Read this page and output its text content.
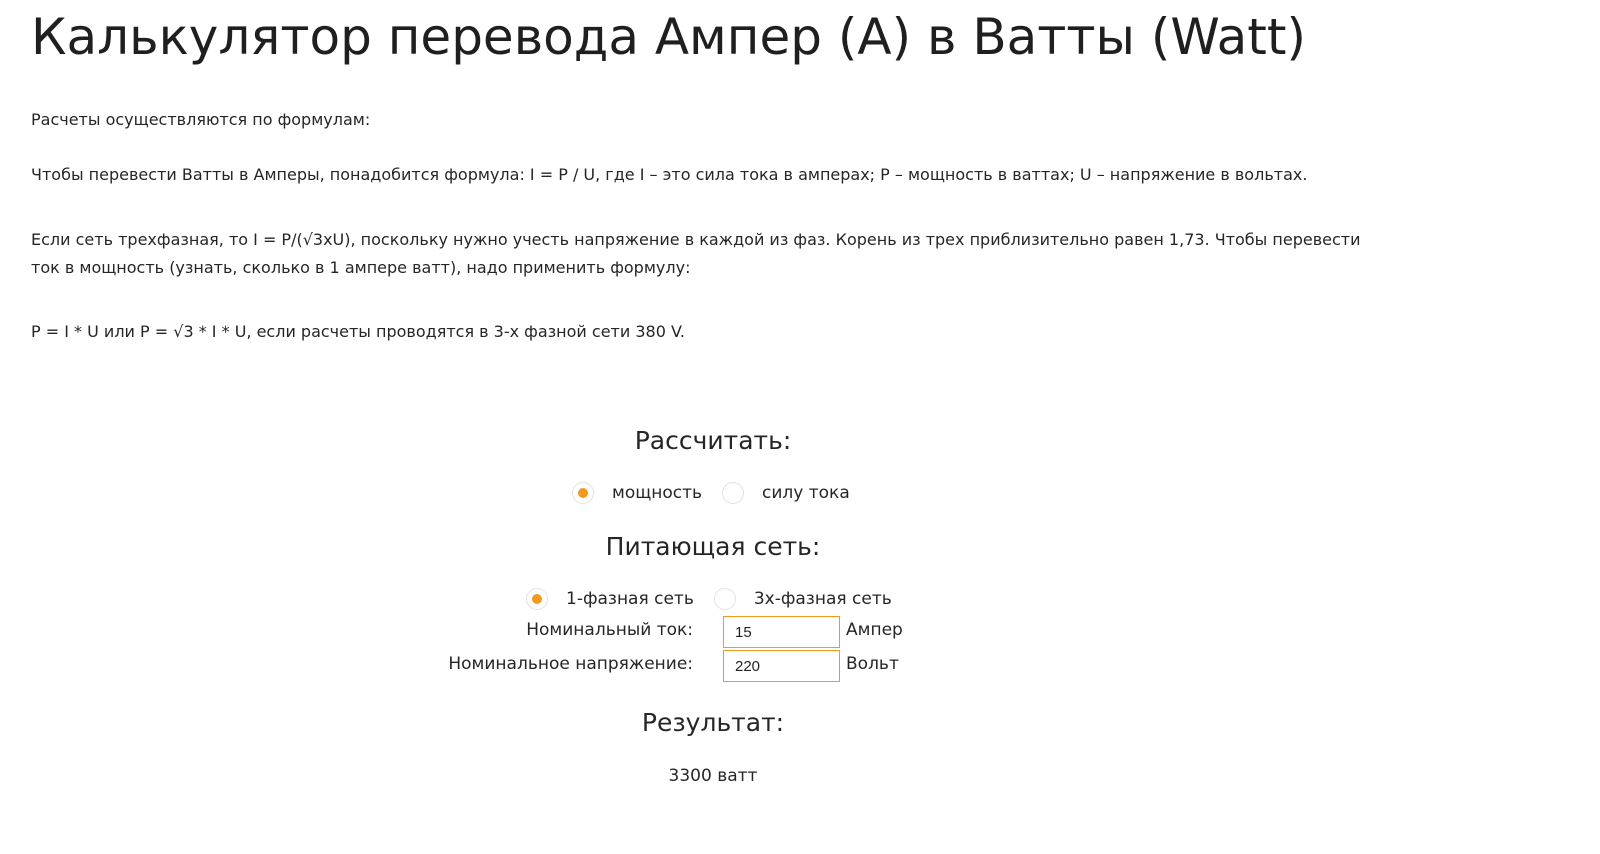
Калькулятор перевода Ампер (A) в Ватты (Watt)

Расчеты осуществляются по формулам:

Чтобы перевести Ватты в Амперы, понадобится формула: I = P / U, где I – это сила тока в амперах; P – мощность в ваттах; U – напряжение в вольтах.

Если сеть трехфазная, то I = P/(√3xU), поскольку нужно учесть напряжение в каждой из фаз. Корень из трех приблизительно равен 1,73. Чтобы перевести ток в мощность (узнать, сколько в 1 ампере ватт), надо применить формулу:

P = I * U или P = √3 * I * U, если расчеты проводятся в 3-х фазной сети 380 V.

Рассчитать:
мощность	силу тока
Питающая сеть:
1-фазная сеть	3х-фазная сеть
Номинальный ток:
15	Ампер
Номинальное напряжение:
220	Вольт
Результат:
3300 ватт
